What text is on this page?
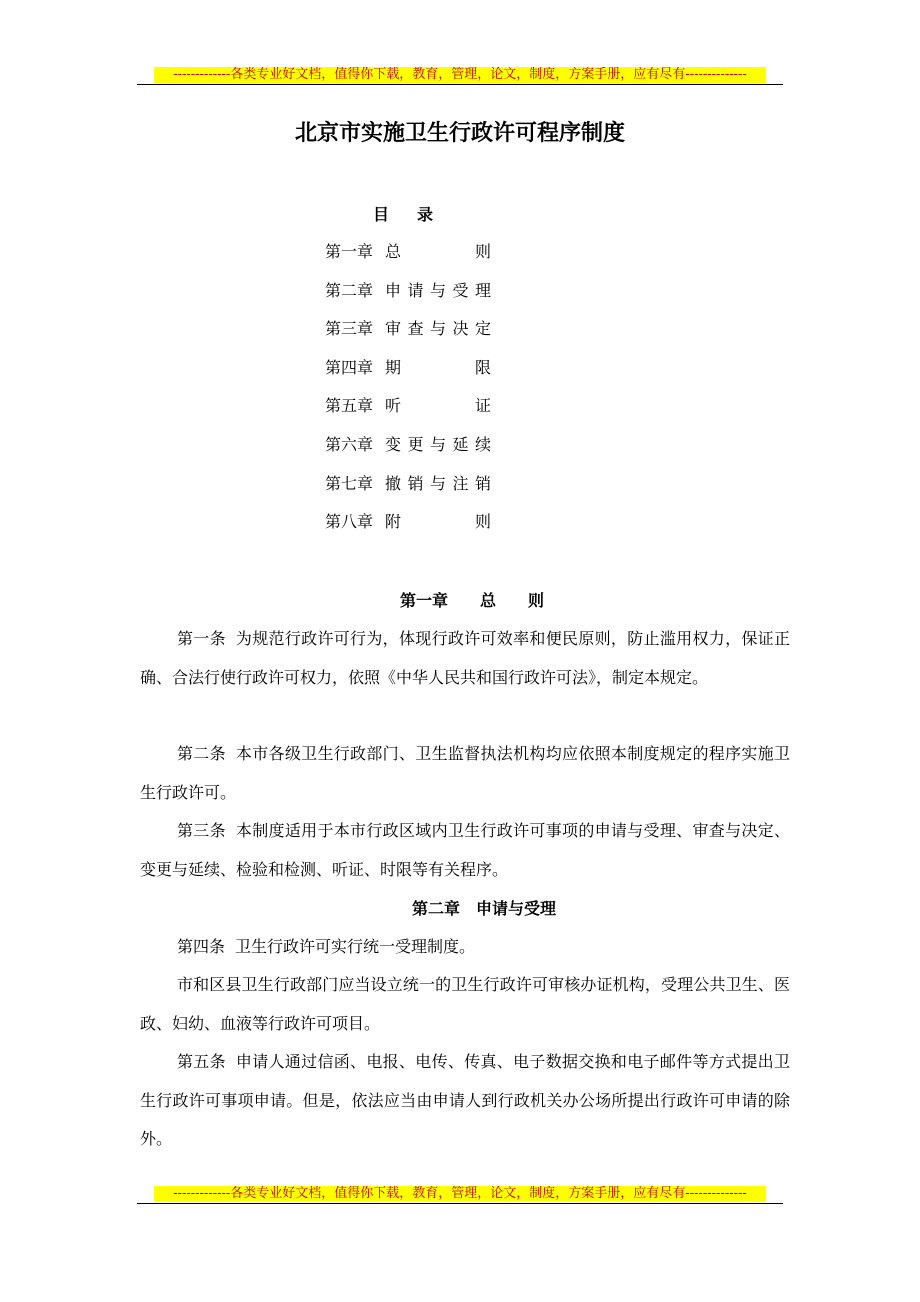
-------------各类专业好文档，值得你下载，教育，管理，论文，制度，方案手册，应有尽有--------------
北京市实施卫生行政许可程序制度
目录
第一章 总则
第二章 申请与受理
第三章 审查与决定
第四章 期限
第五章 听证
第六章 变更与延续
第七章 撤销与注销
第八章 附则
第一章　　总　　则

第一条 为规范行政许可行为，体现行政许可效率和便民原则，防止滥用权力，保证正确、合法行使行政许可权力，依照《中华人民共和国行政许可法》，制定本规定。

第二条 本市各级卫生行政部门、卫生监督执法机构均应依照本制度规定的程序实施卫生行政许可。

第三条 本制度适用于本市行政区域内卫生行政许可事项的申请与受理、审查与决定、变更与延续、检验和检测、听证、时限等有关程序。

第二章　申请与受理

第四条 卫生行政许可实行统一受理制度。

市和区县卫生行政部门应当设立统一的卫生行政许可审核办证机构，受理公共卫生、医政、妇幼、血液等行政许可项目。

第五条 申请人通过信函、电报、电传、传真、电子数据交换和电子邮件等方式提出卫生行政许可事项申请。但是，依法应当由申请人到行政机关办公场所提出行政许可申请的除外。

-------------各类专业好文档，值得你下载，教育，管理，论文，制度，方案手册，应有尽有--------------
